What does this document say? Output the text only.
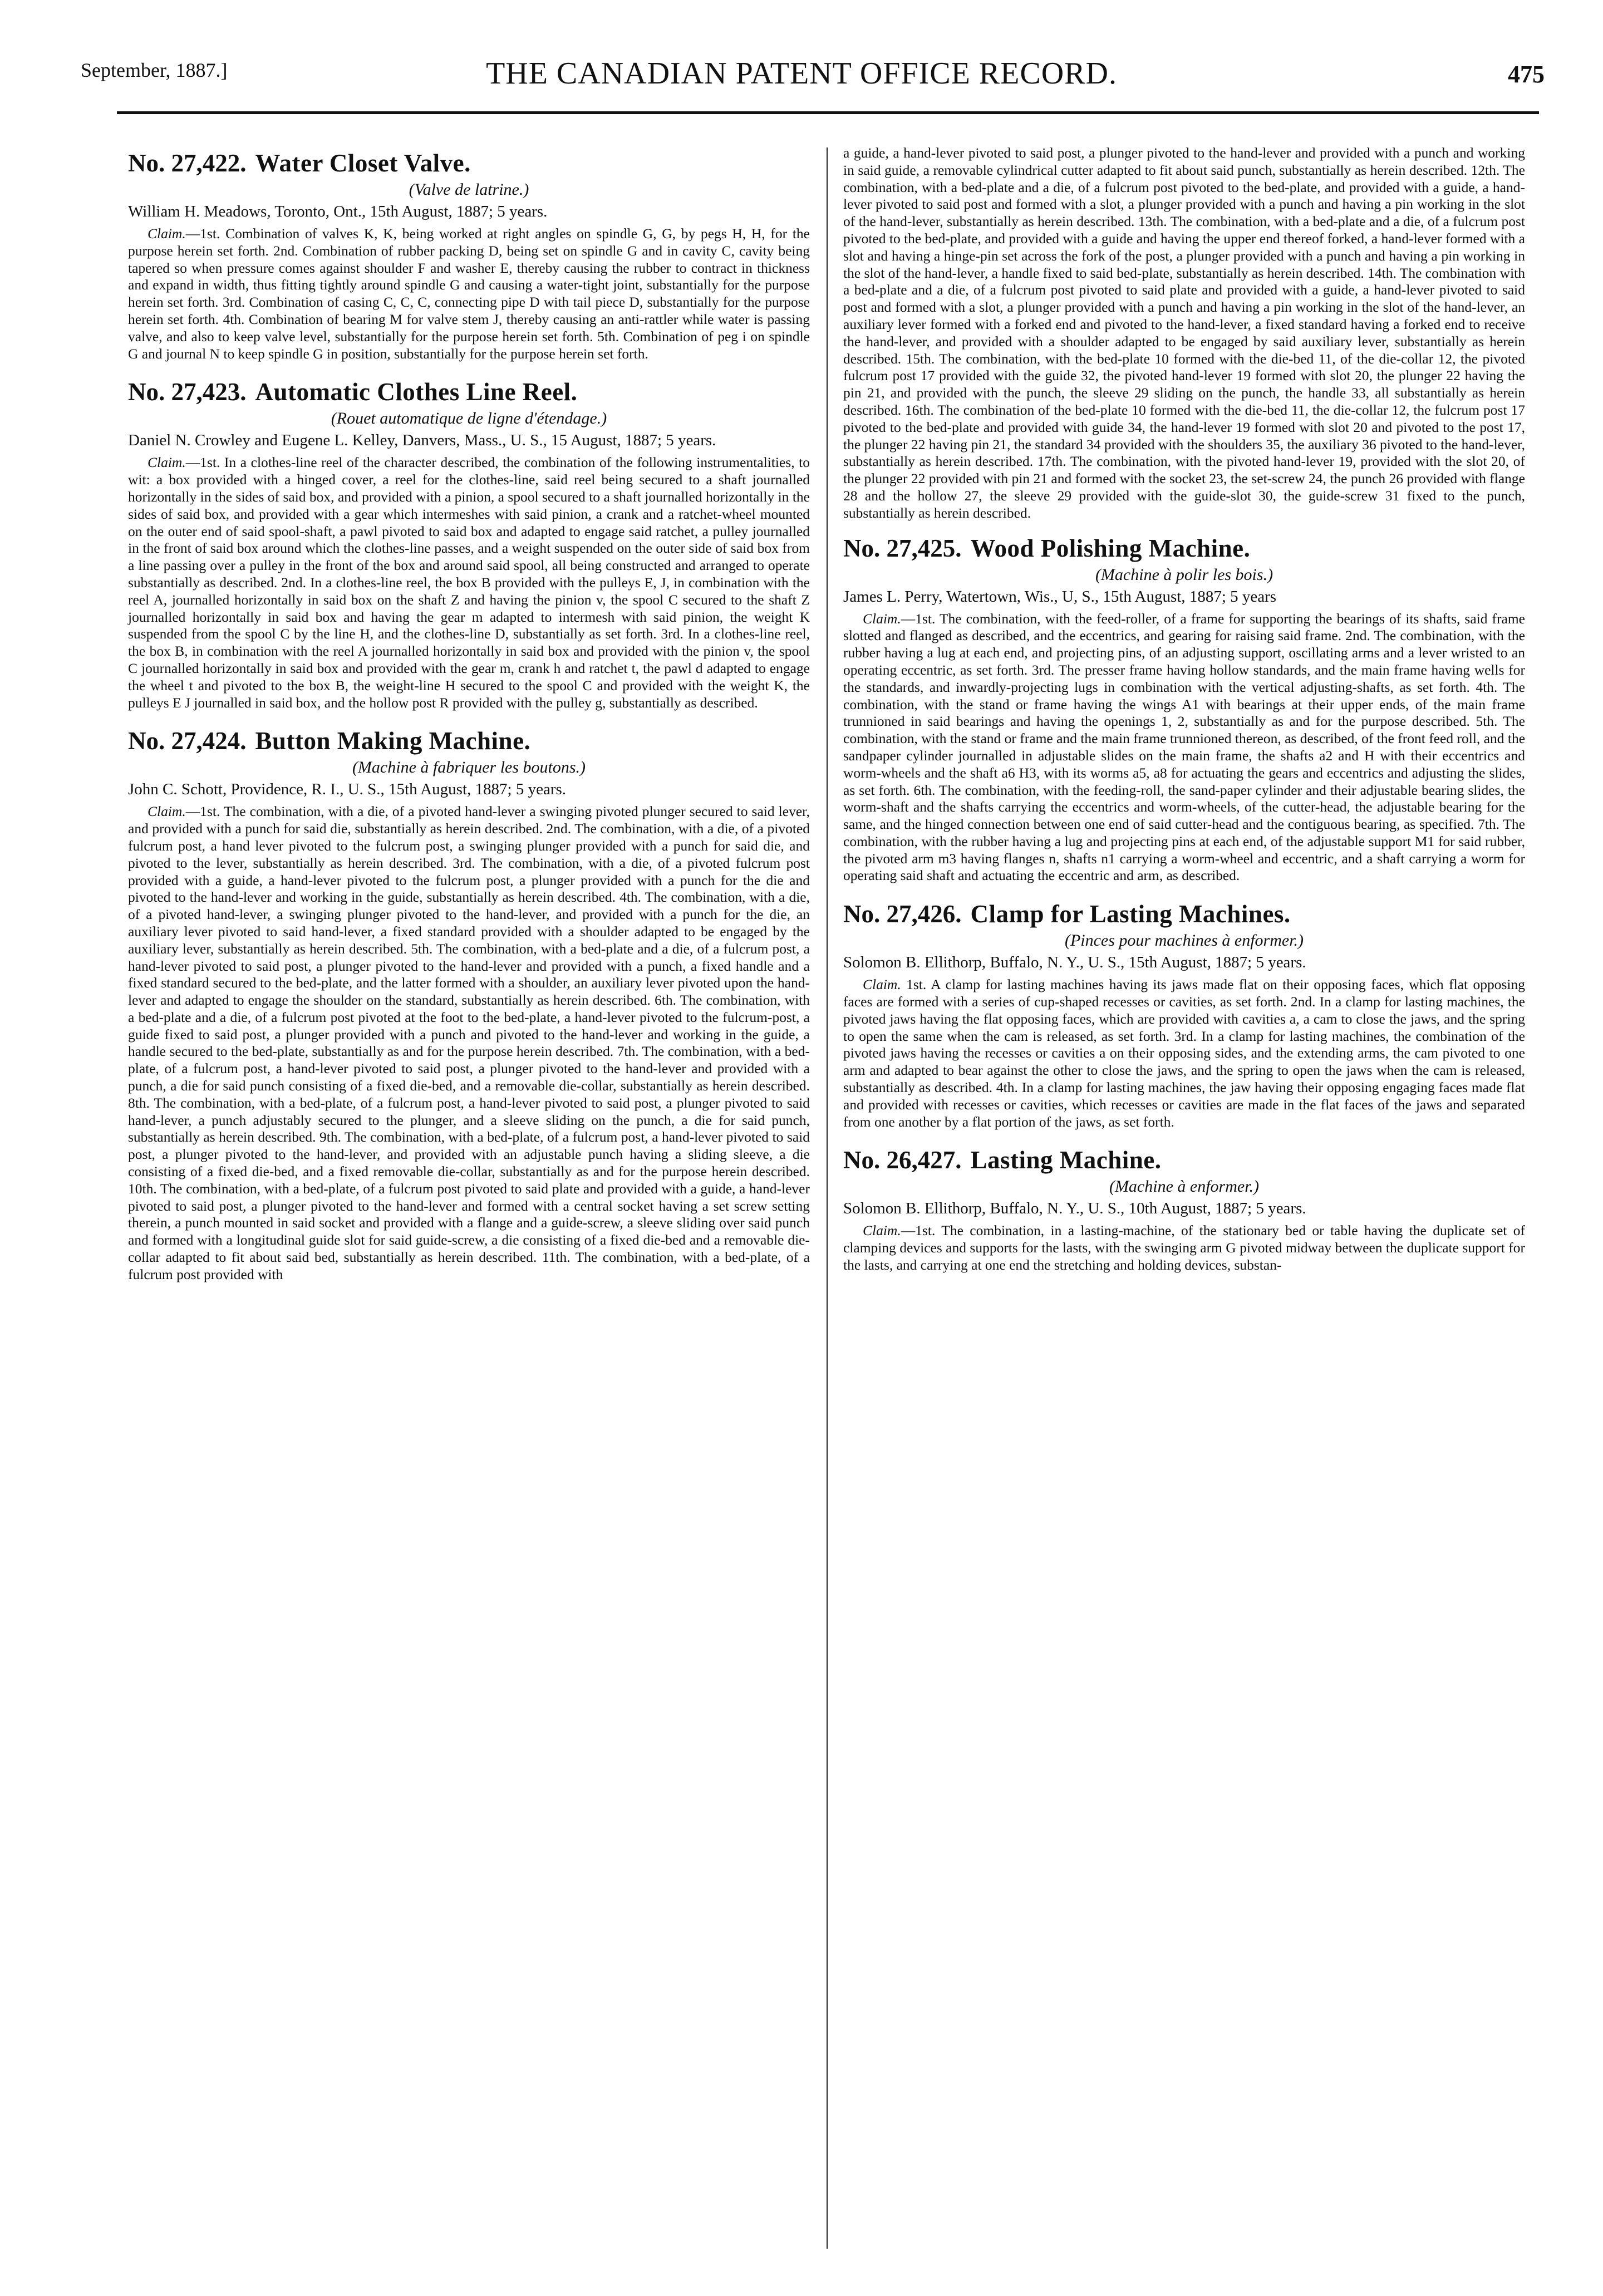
September, 1887.]	THE CANADIAN PATENT OFFICE RECORD.	475
No. 27,422. Water Closet Valve.
(Valve de latrine.)
William H. Meadows, Toronto, Ont., 15th August, 1887; 5 years.

Claim.—1st. Combination of valves K, K, being worked at right angles on spindle G, G, by pegs H, H, for the purpose herein set forth. 2nd. Combination of rubber packing D, being set on spindle G and in cavity C, cavity being tapered so when pressure comes against shoulder F and washer E, thereby causing the rubber to contract in thickness and expand in width, thus fitting tightly around spindle G and causing a water-tight joint, substantially for the purpose herein set forth. 3rd. Combination of casing C, C, C, connecting pipe D with tail piece D, substantially for the purpose herein set forth. 4th. Combination of bearing M for valve stem J, thereby causing an anti-rattler while water is passing valve, and also to keep valve level, substantially for the purpose herein set forth. 5th. Combination of peg i on spindle G and journal N to keep spindle G in position, substantially for the purpose herein set forth.

No. 27,423. Automatic Clothes Line Reel.
(Rouet automatique de ligne d'étendage.)
Daniel N. Crowley and Eugene L. Kelley, Danvers, Mass., U. S., 15 August, 1887; 5 years.

Claim.—1st. In a clothes-line reel of the character described, the combination of the following instrumentalities, to wit: a box provided with a hinged cover, a reel for the clothes-line, said reel being secured to a shaft journalled horizontally in the sides of said box, and provided with a pinion, a spool secured to a shaft journalled horizontally in the sides of said box, and provided with a gear which intermeshes with said pinion, a crank and a ratchet-wheel mounted on the outer end of said spool-shaft, a pawl pivoted to said box and adapted to engage said ratchet, a pulley journalled in the front of said box around which the clothes-line passes, and a weight suspended on the outer side of said box from a line passing over a pulley in the front of the box and around said spool, all being constructed and arranged to operate substantially as described. 2nd. In a clothes-line reel, the box B provided with the pulleys E, J, in combination with the reel A, journalled horizontally in said box on the shaft Z and having the pinion v, the spool C secured to the shaft Z journalled horizontally in said box and having the gear m adapted to intermesh with said pinion, the weight K suspended from the spool C by the line H, and the clothes-line D, substantially as set forth. 3rd. In a clothes-line reel, the box B, in combination with the reel A journalled horizontally in said box and provided with the pinion v, the spool C journalled horizontally in said box and provided with the gear m, crank h and ratchet t, the pawl d adapted to engage the wheel t and pivoted to the box B, the weight-line H secured to the spool C and provided with the weight K, the pulleys E J journalled in said box, and the hollow post R provided with the pulley g, substantially as described.

No. 27,424. Button Making Machine.
(Machine à fabriquer les boutons.)
John C. Schott, Providence, R. I., U. S., 15th August, 1887; 5 years.

Claim.—1st. The combination, with a die, of a pivoted hand-lever a swinging pivoted plunger secured to said lever, and provided with a punch for said die, substantially as herein described. 2nd. The combination, with a die, of a pivoted fulcrum post, a hand lever pivoted to the fulcrum post, a swinging plunger provided with a punch for said die, and pivoted to the lever, substantially as herein described. 3rd. The combination, with a die, of a pivoted fulcrum post provided with a guide, a hand-lever pivoted to the fulcrum post, a plunger provided with a punch for the die and pivoted to the hand-lever and working in the guide, substantially as herein described. 4th. The combination, with a die, of a pivoted hand-lever, a swinging plunger pivoted to the hand-lever, and provided with a punch for the die, an auxiliary lever pivoted to said hand-lever, a fixed standard provided with a shoulder adapted to be engaged by the auxiliary lever, substantially as herein described. 5th. The combination, with a bed-plate and a die, of a fulcrum post, a hand-lever pivoted to said post, a plunger pivoted to the hand-lever and provided with a punch, a fixed handle and a fixed standard secured to the bed-plate, and the latter formed with a shoulder, an auxiliary lever pivoted upon the hand-lever and adapted to engage the shoulder on the standard, substantially as herein described. 6th. The combination, with a bed-plate and a die, of a fulcrum post pivoted at the foot to the bed-plate, a hand-lever pivoted to the fulcrum-post, a guide fixed to said post, a plunger provided with a punch and pivoted to the hand-lever and working in the guide, a handle secured to the bed-plate, substantially as and for the purpose herein described. 7th. The combination, with a bed-plate, of a fulcrum post, a hand-lever pivoted to said post, a plunger pivoted to the hand-lever and provided with a punch, a die for said punch consisting of a fixed die-bed, and a removable die-collar, substantially as herein described. 8th. The combination, with a bed-plate, of a fulcrum post, a hand-lever pivoted to said post, a plunger pivoted to said hand-lever, a punch adjustably secured to the plunger, and a sleeve sliding on the punch, a die for said punch, substantially as herein described. 9th. The combination, with a bed-plate, of a fulcrum post, a hand-lever pivoted to said post, a plunger pivoted to the hand-lever, and provided with an adjustable punch having a sliding sleeve, a die consisting of a fixed die-bed, and a fixed removable die-collar, substantially as and for the purpose herein described. 10th. The combination, with a bed-plate, of a fulcrum post pivoted to said plate and provided with a guide, a hand-lever pivoted to said post, a plunger pivoted to the hand-lever and formed with a central socket having a set screw setting therein, a punch mounted in said socket and provided with a flange and a guide-screw, a sleeve sliding over said punch and formed with a longitudinal guide slot for said guide-screw, a die consisting of a fixed die-bed and a removable die-collar adapted to fit about said bed, substantially as herein described. 11th. The combination, with a bed-plate, of a fulcrum post provided with

a guide, a hand-lever pivoted to said post, a plunger pivoted to the hand-lever and provided with a punch and working in said guide, a removable cylindrical cutter adapted to fit about said punch, substantially as herein described. 12th. The combination, with a bed-plate and a die, of a fulcrum post pivoted to the bed-plate, and provided with a guide, a hand-lever pivoted to said post and formed with a slot, a plunger provided with a punch and having a pin working in the slot of the hand-lever, substantially as herein described. 13th. The combination, with a bed-plate and a die, of a fulcrum post pivoted to the bed-plate, and provided with a guide and having the upper end thereof forked, a hand-lever formed with a slot and having a hinge-pin set across the fork of the post, a plunger provided with a punch and having a pin working in the slot of the hand-lever, a handle fixed to said bed-plate, substantially as herein described. 14th. The combination with a bed-plate and a die, of a fulcrum post pivoted to said plate and provided with a guide, a hand-lever pivoted to said post and formed with a slot, a plunger provided with a punch and having a pin working in the slot of the hand-lever, an auxiliary lever formed with a forked end and pivoted to the hand-lever, a fixed standard having a forked end to receive the hand-lever, and provided with a shoulder adapted to be engaged by said auxiliary lever, substantially as herein described. 15th. The combination, with the bed-plate 10 formed with the die-bed 11, of the die-collar 12, the pivoted fulcrum post 17 provided with the guide 32, the pivoted hand-lever 19 formed with slot 20, the plunger 22 having the pin 21, and provided with the punch, the sleeve 29 sliding on the punch, the handle 33, all substantially as herein described. 16th. The combination of the bed-plate 10 formed with the die-bed 11, the die-collar 12, the fulcrum post 17 pivoted to the bed-plate and provided with guide 34, the hand-lever 19 formed with slot 20 and pivoted to the post 17, the plunger 22 having pin 21, the standard 34 provided with the shoulders 35, the auxiliary 36 pivoted to the hand-lever, substantially as herein described. 17th. The combination, with the pivoted hand-lever 19, provided with the slot 20, of the plunger 22 provided with pin 21 and formed with the socket 23, the set-screw 24, the punch 26 provided with flange 28 and the hollow 27, the sleeve 29 provided with the guide-slot 30, the guide-screw 31 fixed to the punch, substantially as herein described.

No. 27,425. Wood Polishing Machine.
(Machine à polir les bois.)
James L. Perry, Watertown, Wis., U, S., 15th August, 1887; 5 years

Claim.—1st. The combination, with the feed-roller, of a frame for supporting the bearings of its shafts, said frame slotted and flanged as described, and the eccentrics, and gearing for raising said frame. 2nd. The combination, with the rubber having a lug at each end, and projecting pins, of an adjusting support, oscillating arms and a lever wristed to an operating eccentric, as set forth. 3rd. The presser frame having hollow standards, and the main frame having wells for the standards, and inwardly-projecting lugs in combination with the vertical adjusting-shafts, as set forth. 4th. The combination, with the stand or frame having the wings A1 with bearings at their upper ends, of the main frame trunnioned in said bearings and having the openings 1, 2, substantially as and for the purpose described. 5th. The combination, with the stand or frame and the main frame trunnioned thereon, as described, of the front feed roll, and the sandpaper cylinder journalled in adjustable slides on the main frame, the shafts a2 and H with their eccentrics and worm-wheels and the shaft a6 H3, with its worms a5, a8 for actuating the gears and eccentrics and adjusting the slides, as set forth. 6th. The combination, with the feeding-roll, the sand-paper cylinder and their adjustable bearing slides, the worm-shaft and the shafts carrying the eccentrics and worm-wheels, of the cutter-head, the adjustable bearing for the same, and the hinged connection between one end of said cutter-head and the contiguous bearing, as specified. 7th. The combination, with the rubber having a lug and projecting pins at each end, of the adjustable support M1 for said rubber, the pivoted arm m3 having flanges n, shafts n1 carrying a worm-wheel and eccentric, and a shaft carrying a worm for operating said shaft and actuating the eccentric and arm, as described.

No. 27,426. Clamp for Lasting Machines.
(Pinces pour machines à enformer.)
Solomon B. Ellithorp, Buffalo, N. Y., U. S., 15th August, 1887; 5 years.

Claim. 1st. A clamp for lasting machines having its jaws made flat on their opposing faces, which flat opposing faces are formed with a series of cup-shaped recesses or cavities, as set forth. 2nd. In a clamp for lasting machines, the pivoted jaws having the flat opposing faces, which are provided with cavities a, a cam to close the jaws, and the spring to open the same when the cam is released, as set forth. 3rd. In a clamp for lasting machines, the combination of the pivoted jaws having the recesses or cavities a on their opposing sides, and the extending arms, the cam pivoted to one arm and adapted to bear against the other to close the jaws, and the spring to open the jaws when the cam is released, substantially as described. 4th. In a clamp for lasting machines, the jaw having their opposing engaging faces made flat and provided with recesses or cavities, which recesses or cavities are made in the flat faces of the jaws and separated from one another by a flat portion of the jaws, as set forth.

No. 26,427. Lasting Machine.
(Machine à enformer.)
Solomon B. Ellithorp, Buffalo, N. Y., U. S., 10th August, 1887; 5 years.

Claim.—1st. The combination, in a lasting-machine, of the stationary bed or table having the duplicate set of clamping devices and supports for the lasts, with the swinging arm G pivoted midway between the duplicate support for the lasts, and carrying at one end the stretching and holding devices, substan-
